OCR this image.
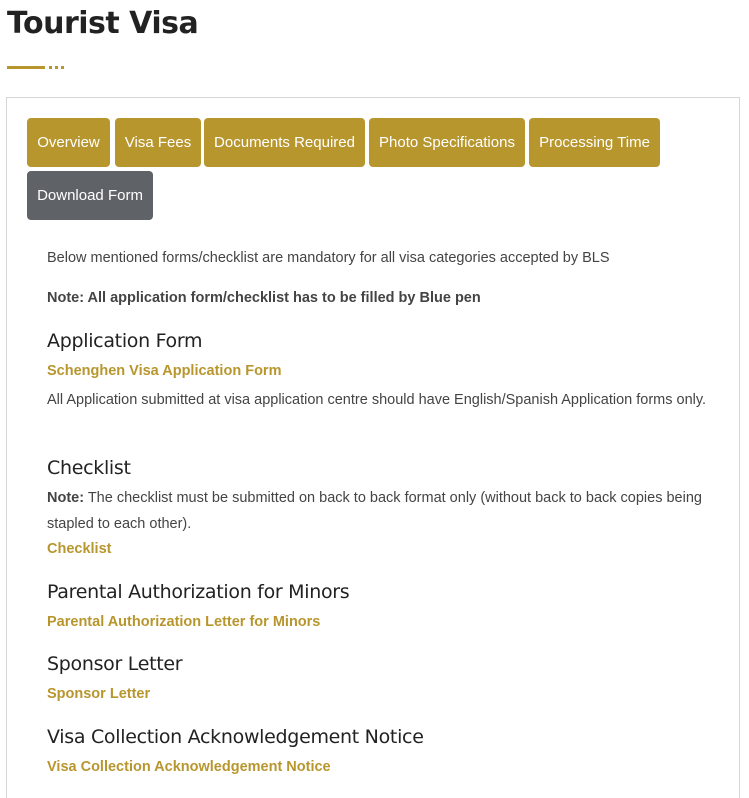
Tourist Visa
Overview	Visa Fees	Documents Required	Photo Specifications	Processing Time
Download Form
Below mentioned forms/checklist are mandatory for all visa categories accepted by BLS
Note: All application form/checklist has to be filled by Blue pen
Application Form
Schenghen Visa Application Form
All Application submitted at visa application centre should have English/Spanish Application forms only.
Checklist
Note: The checklist must be submitted on back to back format only (without back to back copies being stapled to each other).
Checklist
Parental Authorization for Minors
Parental Authorization Letter for Minors
Sponsor Letter
Sponsor Letter
Visa Collection Acknowledgement Notice
Visa Collection Acknowledgement Notice
